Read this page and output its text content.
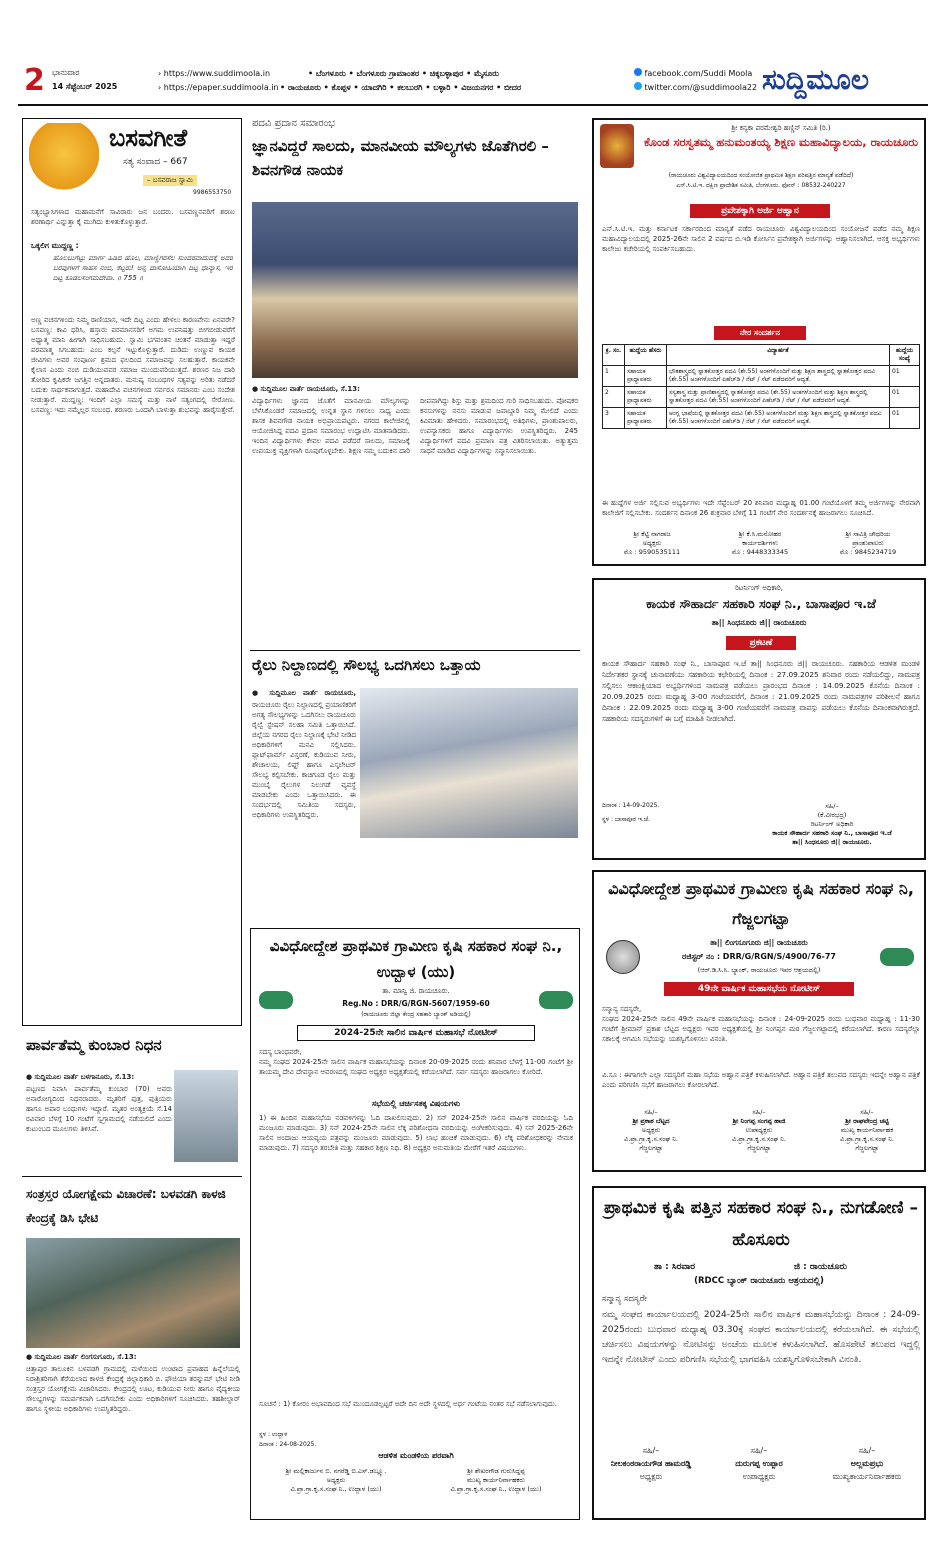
2 ಭಾನುವಾರ
14 ಸೆಪ್ಟೆಂಬರ್ 2025
› https://www.suddimoola.in
› https://epaper.suddimoola.in
• ಬೆಂಗಳೂರು • ಬೆಂಗಳೂರು ಗ್ರಾಮಾಂತರ • ಚಿಕ್ಕಬಳ್ಳಾಪುರ • ಮೈಸೂರು
• ರಾಯಚೂರು • ಕೊಪ್ಪಳ • ಯಾದಗಿರಿ • ಕಲಬುರಗಿ • ಬಳ್ಳಾರಿ • ವಿಜಯನಗರ • ಬೀದರ
facebook.com/Suddi Moola
twitter.com/@suddimoola22 ಸುದ್ದಿಮೂಲ
ಬಸವಗೀತೆ
ಸತ್ಯ ಸಂವಾದ – 667
– ಬಸವರಾಜ ಸ್ವಾಮಿ
9986553750
ಸತ್ಯಂಭ್ಯಾಸಿಗಳಾದ ಮಹಾಮನೆಗೆ ಸಾವಿರಾರು ಜನ ಬಂದರು. ಬಸವಣ್ಣನವರಿಗೆ ಶರಣು ಶರಣಾರ್ಥಿ ಎನ್ನುತ್ತಾ ಕೈ ಮುಗಿದು ಕುಳಿತುಕೊಳ್ಳುತ್ತಾರೆ.
ಒಕ್ಕಲಿಗ ಮುದ್ದಣ್ಣ :
ಹೊಲಬುಗೆಟ್ಟು ಮಾರ್ಗ ಹಿಡಿದ ಹೊಲ, ಮಾಣ್ಣಿಗರಸೆಲ ಸುಂದರವಾದುದಕ್ಕೆ ಅದರ ಬರವುಗಳಗೆ ಸಾಹಸ ನಂಬಿ, ಕೆಟ್ಟರು! ಅನ್ನ ದಾಸೋಹಿಯಾಗಿ ದಿಟ್ಟ ಧಾನ್ಯಾಸ, ಇರೆ ದಿಟ್ಟ ಕೂಡಲಸಂಗಮದೇವಾ. ॥ 755 ॥
ಅಣ್ಣ ವಚನಗಳಿಂದು ನಿಮ್ಮ ರಾಣಿಯಾಸ, ಇದೇ ದಿಟ್ಟ ಎಂದು ಹೇಳಲು ಕಾರಣವೇನು ಏನವರೇ? ಬಸವಣ್ಣ: ಕಾವಿ ಧರಿಸಿ, ಹಸ್ತಾರು ಪರಮಾನಸರಿಗೆ ಅಗಮ ಉಪನಿಷತ್ತು ಬೀಗಬೀಡುವರೆಗೆ ಅಧ್ಯಾತ್ಮ ಮಾನಿ ಹೀಗಾಗಿ ಸಾಧಿಸಬಹುದು. ಸ್ವಾಮಿ ಭಗವಂತನ ಚಿಂತನೆ ಮಾಡುತ್ತಾ ಇದ್ದರೆ ಪರಮಾತ್ಮ ಸಿಗಬಹುದು ಎಂಬ ಕಲ್ಪನೆ ಇಟ್ಟುಕೊಳ್ಳುತ್ತಾರೆ. ದುಡಿದು ಉಣ್ಣುವ ಕಾಯಕ ಜೀವಿಗಳು ಅವರ ಸಂಪೂರ್ಣ ಶ್ರಮದ ಫಲದಿಂದ ಸಮಾಜವನ್ನು ಸಲಹುತ್ತಾರೆ. ಕಾಯಕವೇ ಕೈಲಾಸ ಎಂದು ನಂಬಿ ದುಡಿಯುವವರ ಸಮಾಜ ಮುಂದುವರಿಯುತ್ತದೆ. ಶರಣರ ನಿಜ ದಾರಿ ತೋರಿದ ಕೃಷಿಕರೇ ಜಗತ್ತಿನ ಅನ್ನದಾತರು. ಮನುಷ್ಯ ಸಂಬಂಧಗಳ ಸತ್ಯವನ್ನು ಅರಿತು ನಡೆದರೆ ಬದುಕು ಸಾರ್ಥಕವಾಗುತ್ತದೆ. ಮಹಾದೇವಿ ವಚನಗಳಿಂದ ಸರ್ವರೂ ಸಮಾನರು ಎಂಬ ಸಂದೇಶ ನೀಡುತ್ತಾರೆ. ಮುದ್ದಣ್ಣ: ಇಂದಿಗೆ ಎಲ್ಲಾ ಸಮಸ್ಯೆ ಮತ್ತು ನಾಳೆ ಸತ್ಯಂಗದಲ್ಲಿ ಸೇರೋಣ. ಬಸವಣ್ಣ: ಇದು ನಮ್ಮೆಲ್ಲರ ಸಂಬಂಧ. ಶರಣರು ಒಂದಾಗಿ ಬಾಳುತ್ತಾ ಶುಭವನ್ನು ಹಾರೈಸುತ್ತೇವೆ.
ಪಾರ್ವತೆಮ್ಮ ಕುಂಬಾರ ನಿಧನ
● ಸುದ್ದಿಮೂಲ ವಾರ್ತೆ ಬಳಗಾನೂರು, ಸೆ.13:
ಪಟ್ಟಣದ ನಿವಾಸಿ ಪಾರ್ವತೆಮ್ಮ ಕುಂಬಾರ (70) ಅವರು ಅನಾರೋಗ್ಯದಿಂದ ನಿಧನರಾದರು. ಮೃತರಿಗೆ ಪುತ್ರ, ಪುತ್ರಿಯರು ಹಾಗೂ ಅಪಾರ ಬಂಧುಗಳು ಇದ್ದಾರೆ. ಮೃತರ ಅಂತ್ಯಕ್ರಿಯೆ ಸೆ.14 ರವಿವಾರ ಬೆಳಗ್ಗೆ 10 ಗಂಟೆಗೆ ಸ್ವಗ್ರಾಮದಲ್ಲಿ ನಡೆಯಲಿದೆ ಎಂದು ಕುಟುಂಬದ ಮೂಲಗಳು ತಿಳಿಸಿವೆ.
ಸಂತ್ರಸ್ತರ ಯೋಗಕ್ಷೇಮ ವಿಚಾರಣೆ: ಬಳವಡಗಿ ಕಾಳಜಿ ಕೇಂದ್ರಕ್ಕೆ ಡಿಸಿ ಭೇಟಿ
● ಸುದ್ದಿಮೂಲ ವಾರ್ತೆ ಲಿಂಗಸುಗೂರು, ಸೆ.13:
ಚಿತ್ತಾಪುರ ತಾಲೂಕಿನ ಬಳವಡಗಿ ಗ್ರಾಮದಲ್ಲಿ ಮಳೆಯಿಂದ ಉಂಟಾದ ಪ್ರವಾಹದ ಹಿನ್ನೆಲೆಯಲ್ಲಿ ನಿರಾಶ್ರಿತರಿಗಾಗಿ ತೆರೆಯಲಾದ ಕಾಳಜಿ ಕೇಂದ್ರಕ್ಕೆ ಜಿಲ್ಲಾಧಿಕಾರಿ ಬಿ. ಫೌಜಿಯಾ ತರನ್ನುಮ್ ಭೇಟಿ ನೀಡಿ ಸಂತ್ರಸ್ತರ ಯೋಗಕ್ಷೇಮ ವಿಚಾರಿಸಿದರು. ಕೇಂದ್ರದಲ್ಲಿ ಊಟ, ಕುಡಿಯುವ ನೀರು ಹಾಗೂ ವೈದ್ಯಕೀಯ ಸೌಲಭ್ಯಗಳನ್ನು ಸಮರ್ಪಕವಾಗಿ ಒದಗಿಸಬೇಕು ಎಂದು ಅಧಿಕಾರಿಗಳಿಗೆ ಸೂಚಿಸಿದರು. ತಹಶೀಲ್ದಾರ್ ಹಾಗೂ ಸ್ಥಳೀಯ ಅಧಿಕಾರಿಗಳು ಉಪಸ್ಥಿತರಿದ್ದರು.
ಪದವಿ ಪ್ರದಾನ ಸಮಾರಂಭ
ಜ್ಞಾನವಿದ್ದರೆ ಸಾಲದು, ಮಾನವೀಯ ಮೌಲ್ಯಗಳು ಜೊತೆಗಿರಲಿ – ಶಿವನಗೌಡ ನಾಯಕ
● ಸುದ್ದಿಮೂಲ ವಾರ್ತೆ ರಾಯಚೂರು, ಸೆ.13:
ವಿದ್ಯಾರ್ಥಿಗಳು ಜ್ಞಾನದ ಜೊತೆಗೆ ಮಾನವೀಯ ಮೌಲ್ಯಗಳನ್ನು ಬೆಳೆಸಿಕೊಂಡರೆ ಸಮಾಜದಲ್ಲಿ ಉನ್ನತ ಸ್ಥಾನ ಗಳಿಸಲು ಸಾಧ್ಯ ಎಂದು ಶಾಸಕ ಶಿವನಗೌಡ ನಾಯಕ ಅಭಿಪ್ರಾಯಪಟ್ಟರು. ನಗರದ ಕಾಲೇಜಿನಲ್ಲಿ ಆಯೋಜಿಸಿದ್ದ ಪದವಿ ಪ್ರದಾನ ಸಮಾರಂಭ ಉದ್ಘಾಟಿಸಿ ಮಾತನಾಡಿದರು. ಇಂದಿನ ವಿದ್ಯಾರ್ಥಿಗಳು ಕೇವಲ ಪದವಿ ಪಡೆದರೆ ಸಾಲದು, ಸಮಾಜಕ್ಕೆ ಉಪಯುಕ್ತ ವ್ಯಕ್ತಿಗಳಾಗಿ ರೂಪುಗೊಳ್ಳಬೇಕು. ಶಿಕ್ಷಣ ನಮ್ಮ ಬದುಕಿನ ದಾರಿ ದೀಪವಾಗಿದ್ದು ಶಿಸ್ತು ಮತ್ತು ಶ್ರಮದಿಂದ ಗುರಿ ಸಾಧಿಸಬಹುದು. ಪೋಷಕರ ಕನಸುಗಳನ್ನು ನನಸು ಮಾಡುವ ಜವಾಬ್ದಾರಿ ನಿಮ್ಮ ಮೇಲಿದೆ ಎಂದು ಕಿವಿಮಾತು ಹೇಳಿದರು. ಸಮಾರಂಭದಲ್ಲಿ ಅತಿಥಿಗಳು, ಪ್ರಾಂಶುಪಾಲರು, ಉಪನ್ಯಾಸಕರು ಹಾಗೂ ವಿದ್ಯಾರ್ಥಿಗಳು ಉಪಸ್ಥಿತರಿದ್ದರು. 245 ವಿದ್ಯಾರ್ಥಿಗಳಿಗೆ ಪದವಿ ಪ್ರಮಾಣ ಪತ್ರ ವಿತರಿಸಲಾಯಿತು. ಅತ್ಯುತ್ತಮ ಸಾಧನೆ ಮಾಡಿದ ವಿದ್ಯಾರ್ಥಿಗಳನ್ನು ಸನ್ಮಾನಿಸಲಾಯಿತು.
ರೈಲು ನಿಲ್ದಾಣದಲ್ಲಿ ಸೌಲಭ್ಯ ಒದಗಿಸಲು ಒತ್ತಾಯ
● ಸುದ್ದಿಮೂಲ ವಾರ್ತೆ ರಾಯಚೂರು,
ರಾಯಚೂರು ರೈಲು ನಿಲ್ದಾಣದಲ್ಲಿ ಪ್ರಯಾಣಿಕರಿಗೆ ಅಗತ್ಯ ಸೌಲಭ್ಯಗಳನ್ನು ಒದಗಿಸಲು ರಾಯಚೂರು ರೈಲ್ವೆ ಸ್ಟೇಷನ್ ಸಲಹಾ ಸಮಿತಿ ಒತ್ತಾಯಿಸಿದೆ. ಜಿಲ್ಲೆಯ ನಗರದ ರೈಲು ನಿಲ್ದಾಣಕ್ಕೆ ಭೇಟಿ ನೀಡಿದ ಅಧಿಕಾರಿಗಳಿಗೆ ಮನವಿ ಸಲ್ಲಿಸಿದರು. ಪ್ಲಾಟ್‌ಫಾರ್ಮ್ ವಿಸ್ತರಣೆ, ಕುಡಿಯುವ ನೀರು, ಶೌಚಾಲಯ, ಲಿಫ್ಟ್ ಹಾಗೂ ಎಸ್ಕಲೇಟರ್ ಸೌಲಭ್ಯ ಕಲ್ಪಿಸಬೇಕು. ಕಾಚಿಗೂಡ ರೈಲು ಮತ್ತು ಮುಂಬೈ ರೈಲುಗಳ ನಿಲುಗಡೆ ವ್ಯವಸ್ಥೆ ಮಾಡಬೇಕು ಎಂದು ಒತ್ತಾಯಿಸಿದರು. ಈ ಸಂದರ್ಭದಲ್ಲಿ ಸಮಿತಿಯ ಸದಸ್ಯರು, ಅಧಿಕಾರಿಗಳು ಉಪಸ್ಥಿತರಿದ್ದರು.
ವಿವಿಧೋದ್ದೇಶ ಪ್ರಾಥಮಿಕ ಗ್ರಾಮೀಣ ಕೃಷಿ ಸಹಕಾರ ಸಂಘ ನಿ., ಉದ್ಬಾಳ (ಯು)
ತಾ. ಮಾನ್ವಿ ಜಿ. ರಾಯಚೂರು.
Reg.No : DRR/G/RGN-5607/1959-60
(ರಾಯಚೂರು ಜಿಲ್ಲಾ ಕೇಂದ್ರ ಸಹಕಾರಿ ಬ್ಯಾಂಕ್ ಅಡಿಯಲ್ಲಿ)
2024-25ನೇ ಸಾಲಿನ ವಾರ್ಷಿಕ ಮಹಾಸಭೆ ನೋಟೀಸ್
ಸದಸ್ಯ ಬಾಂಧವರೇ,
ನಮ್ಮ ಸಂಘದ 2024-25ನೇ ಸಾಲಿನ ವಾರ್ಷಿಕ ಮಹಾಸಭೆಯನ್ನು ದಿನಾಂಕ 20-09-2025 ರಂದು ಶನಿವಾರ ಬೆಳಗ್ಗೆ 11-00 ಗಂಟೆಗೆ ಶ್ರೀ ತಾಯಮ್ಮ ದೇವಿ ದೇವಸ್ಥಾನ ಆವರಣದಲ್ಲಿ ಸಂಘದ ಅಧ್ಯಕ್ಷರ ಅಧ್ಯಕ್ಷತೆಯಲ್ಲಿ ಕರೆಯಲಾಗಿದೆ. ಸರ್ವ ಸದಸ್ಯರು ಹಾಜರಾಗಲು ಕೋರಿದೆ.
ಸಭೆಯಲ್ಲಿ ಚರ್ಚಿಸತಕ್ಕ ವಿಷಯಗಳು
1) ಈ ಹಿಂದಿನ ಮಹಾಸಭೆಯ ನಡವಳಿಗಳನ್ನು ಓದಿ ದಾಖಲಿಸುವುದು. 2) ಸನ್ 2024-25ನೇ ಸಾಲಿನ ವಾರ್ಷಿಕ ವರದಿಯನ್ನು ಓದಿ ಮಂಜೂರು ಮಾಡುವುದು. 3) ಸನ್ 2024-25ನೇ ಸಾಲಿನ ಲೆಕ್ಕ ಪರಿಶೋಧನಾ ವರದಿಯನ್ನು ಅಂಗೀಕರಿಸುವುದು. 4) ಸನ್ 2025-26ನೇ ಸಾಲಿನ ಅಂದಾಜು ಆಯವ್ಯಯ ಪತ್ರವನ್ನು ಮಂಜೂರು ಮಾಡುವುದು. 5) ಲಾಭ ಹಂಚಿಕೆ ಮಾಡುವುದು. 6) ಲೆಕ್ಕ ಪರಿಶೋಧಕರನ್ನು ನೇಮಕ ಮಾಡುವುದು. 7) ಸದಸ್ಯರ ತರಬೇತಿ ಮತ್ತು ಸಹಕಾರ ಶಿಕ್ಷಣ ನಿಧಿ. 8) ಅಧ್ಯಕ್ಷರ ಅನುಮತಿಯ ಮೇರೆಗೆ ಇತರೆ ವಿಷಯಗಳು.
ಸೂಚನೆ : 1) ಕೋರಂ ಅಭಾವದಿಂದ ಸಭೆ ಮುಂದೂಡಲ್ಪಟ್ಟರೆ ಅದೇ ದಿನ ಅದೇ ಸ್ಥಳದಲ್ಲಿ ಅರ್ಧ ಗಂಟೆಯ ನಂತರ ಸಭೆ ನಡೆಸಲಾಗುವುದು.
ಸ್ಥಳ : ಉದ್ಬಾಳ
ದಿನಾಂಕ : 24-08-2025.
ಆಡಳಿತ ಮಂಡಳಿಯ ಪರವಾಗಿ
ಶ್ರೀ ಮಲ್ಲಿಕಾರ್ಜುನ ಬಿ. ನಗರೆಡ್ಡಿ ಬಿ.ಎಸ್.ಡಬ್ಲ್ಯೂ.
ಅಧ್ಯಕ್ಷರು
ವಿ.ಪ್ರಾ.ಗ್ರಾ.ಕೃ.ಸ.ಸಂಘ ನಿ., ಉದ್ಬಾಳ (ಯು)
ಶ್ರೀ ಶೇಖರಗೌಡ ಗುರುಸಿದ್ದಪ್ಪ
ಮುಖ್ಯ ಕಾರ್ಯನಿರ್ವಾಹಕರು
ವಿ.ಪ್ರಾ.ಗ್ರಾ.ಕೃ.ಸ.ಸಂಘ ನಿ., ಉದ್ಬಾಳ (ಯು)
ಶ್ರೀ ಕನ್ಯಕಾ ಪರಮೇಶ್ವರಿ ಹಣ್ಣಿನ್ ಸಮಿತಿ (ರಿ.)
ಕೊಂಡ ಸರಸ್ವತಮ್ಮ ಹನುಮಂತಯ್ಯ ಶಿಕ್ಷಣ ಮಹಾವಿದ್ಯಾಲಯ, ರಾಯಚೂರು
(ರಾಯಚೂರು ವಿಶ್ವವಿದ್ಯಾಲಯದಿಂದ ಸಂಯೋಜಿತ ಪ್ರಾಥಮಿಕ ಶಿಕ್ಷಣ ಪರಿಷತ್ತಿನ ಮಾನ್ಯತೆ ಪಡೆದಿದೆ)
ಎನ್.ಸಿ.ಟಿ.ಇ. ದಕ್ಷಿಣ ಪ್ರಾದೇಶಿಕ ಸಮಿತಿ, ಬೆಂಗಳೂರು. ಫೋನ್ : 08532-240227
ಪ್ರವೇಶಕ್ಕಾಗಿ ಅರ್ಜಿ ಆಹ್ವಾನ
ಎನ್.ಸಿ.ಟಿ.ಇ. ಮತ್ತು ಕರ್ನಾಟಕ ಸರ್ಕಾರದಿಂದ ಮಾನ್ಯತೆ ಪಡೆದ ರಾಯಚೂರು ವಿಶ್ವವಿದ್ಯಾಲಯದಿಂದ ಸಂಯೋಜನೆ ಪಡೆದ ನಮ್ಮ ಶಿಕ್ಷಣ ಮಹಾವಿದ್ಯಾಲಯದಲ್ಲಿ 2025-26ನೇ ಸಾಲಿನ 2 ವರ್ಷದ ಬಿ.ಇಡಿ ಕೋರ್ಸಿನ ಪ್ರವೇಶಕ್ಕಾಗಿ ಅರ್ಜಿಗಳನ್ನು ಆಹ್ವಾನಿಸಲಾಗಿದೆ. ಆಸಕ್ತ ಅಭ್ಯರ್ಥಿಗಳು ಕಾಲೇಜು ಕಚೇರಿಯಲ್ಲಿ ಸಂಪರ್ಕಿಸಬಹುದು.
ನೇರ ಸಂದರ್ಶನ
ಕ್ರ. ಸಂ.	ಹುದ್ದೆಯ ಹೆಸರು	ವಿದ್ಯಾರ್ಹತೆ	ಹುದ್ದೆಯ ಸಂಖ್ಯೆ
1	ಸಹಾಯಕ ಪ್ರಾಧ್ಯಾಪಕರು	ಭೌತಶಾಸ್ತ್ರದಲ್ಲಿ ಸ್ನಾತಕೋತ್ತರ ಪದವಿ (ಶೇ.55) ಅಂಕಗಳೊಂದಿಗೆ ಮತ್ತು ಶಿಕ್ಷಣ ಶಾಸ್ತ್ರದಲ್ಲಿ ಸ್ನಾತಕೋತ್ತರ ಪದವಿ (ಶೇ.55) ಅಂಕಗಳೊಂದಿಗೆ ಪಿಹೆಚ್‌ಡಿ / ನೆಟ್ / ಸೆಟ್ ಪಡೆದವರಿಗೆ ಆದ್ಯತೆ.	01
2	ಸಹಾಯಕ ಪ್ರಾಧ್ಯಾಪಕರು	ಸಸ್ಯಶಾಸ್ತ್ರ ಮತ್ತು ಪ್ರಾಣಿಶಾಸ್ತ್ರದಲ್ಲಿ ಸ್ನಾತಕೋತ್ತರ ಪದವಿ (ಶೇ.55) ಅಂಕಗಳೊಂದಿಗೆ ಮತ್ತು ಶಿಕ್ಷಣ ಶಾಸ್ತ್ರದಲ್ಲಿ ಸ್ನಾತಕೋತ್ತರ ಪದವಿ (ಶೇ.55) ಅಂಕಗಳೊಂದಿಗೆ ಪಿಹೆಚ್‌ಡಿ / ನೆಟ್ / ಸೆಟ್ ಪಡೆದವರಿಗೆ ಆದ್ಯತೆ.	01
3	ಸಹಾಯಕ ಪ್ರಾಧ್ಯಾಪಕರು	ಆಂಗ್ಲ ಭಾಷೆಯಲ್ಲಿ ಸ್ನಾತಕೋತ್ತರ ಪದವಿ (ಶೇ.55) ಅಂಕಗಳೊಂದಿಗೆ ಮತ್ತು ಶಿಕ್ಷಣ ಶಾಸ್ತ್ರದಲ್ಲಿ ಸ್ನಾತಕೋತ್ತರ ಪದವಿ (ಶೇ.55) ಅಂಕಗಳೊಂದಿಗೆ ಪಿಹೆಚ್‌ಡಿ / ನೆಟ್ / ಸೆಟ್ ಪಡೆದವರಿಗೆ ಆದ್ಯತೆ.	01
ಈ ಹುದ್ದೆಗಳ ಅರ್ಜಿ ಸಲ್ಲಿಸುವ ಅಭ್ಯರ್ಥಿಗಳು ಇದೇ ಸೆಪ್ಟೆಂಬರ್ 20 ಶನಿವಾರ ಮಧ್ಯಾಹ್ನ 01.00 ಗಂಟೆಯೊಳಗೆ ತಮ್ಮ ಅರ್ಜಿಗಳನ್ನು ನೇರವಾಗಿ ಕಾಲೇಜಿಗೆ ಸಲ್ಲಿಸಬೇಕು. ಸಂದರ್ಶನ ದಿನಾಂಕ 26 ಶುಕ್ರವಾರ ಬೆಳಿಗ್ಗೆ 11 ಗಂಟೆಗೆ ನೇರ ಸಂದರ್ಶನಕ್ಕೆ ಹಾಜರಾಗಲು ಸೂಚಿಸಿದೆ.
ಶ್ರೀ ಕೆಟ್ಟಿ ನಾಗರಾಜ
ಅಧ್ಯಕ್ಷರು
ಮೊ : 9590535111
ಶ್ರೀ ಕೆ.ಸಿ.ಮನೋಹರ
ಕಾರ್ಯದರ್ಶಿಗಳು
ಮೊ : 9448333345
ಶ್ರೀ ಸಾವಿತ್ರಿ ಚೌಧರಿಯ
ಪ್ರಾಂಶುಪಾಲರು
ಮೊ : 9845234719
ರಿಟರ್ನಿಂಗ್ ಅಧಿಕಾರಿ,
ಕಾಯಕ ಸೌಹಾರ್ದ ಸಹಕಾರಿ ಸಂಘ ನಿ., ಬಾಸಾಪೂರ ಇ.ಜೆ
ತಾ|| ಸಿಂಧನೂರು ಜಿ|| ರಾಯಚೂರು
ಪ್ರಕಟಣೆ
ಕಾಯಕ ಸೌಹಾರ್ದ ಸಹಕಾರಿ ಸಂಘ ನಿ., ಬಾಸಾಪೂರ ಇ.ಜೆ ತಾ|| ಸಿಂಧನೂರು ಜಿ|| ರಾಯಚೂರು. ಸಹಕಾರಿಯ ಆಡಳಿತ ಮಂಡಳಿ ನಿರ್ದೇಶಕರ ಸ್ಥಾನಕ್ಕೆ ಚುನಾವಣೆಯು ಸಹಕಾರಿಯ ಕಛೇರಿಯಲ್ಲಿ ದಿನಾಂಕ : 27.09.2025 ಶನಿವಾರ ರಂದು ನಡೆಯಲಿದ್ದು, ನಾಮಪತ್ರ ಸಲ್ಲಿಸಲು ಆಕಾಂಕ್ಷಿಯಾದ ಅಭ್ಯರ್ಥಿಗಳಿಂದ ನಾಮಪತ್ರ ಪಡೆಯಲು ಪ್ರಾರಂಭದ ದಿನಾಂಕ : 14.09.2025 ಕೊನೆಯ ದಿನಾಂಕ : 20.09.2025 ರಂದು ಮಧ್ಯಾಹ್ನ 3-00 ಗಂಟೆಯವರೆಗೆ, ದಿನಾಂಕ : 21.09.2025 ರಂದು ನಾಮಪತ್ರಗಳ ಪರಿಶೀಲನೆ ಹಾಗೂ ದಿನಾಂಕ : 22.09.2025 ರಂದು ಮಧ್ಯಾಹ್ನ 3-00 ಗಂಟೆಯವರೆಗೆ ನಾಮಪತ್ರ ವಾಪಸ್ಸು ಪಡೆಯಲು ಕೊನೆಯ ದಿನಾಂಕವಾಗಿರುತ್ತದೆ. ಸಹಕಾರಿಯ ಸದಸ್ಯರುಗಳಿಗೆ ಈ ಬಗ್ಗೆ ಮಾಹಿತಿ ನೀಡಲಾಗಿದೆ.
ದಿನಾಂಕ : 14-09-2025.
ಸ್ಥಳ : ಬಾಸಾಪೂರ ಇ.ಜೆ.
ಸಹಿ/–
(ಕೆ.ವೀರಭದ್ರ)
ರಿಟರ್ನಿಂಗ್ ಅಧಿಕಾರಿ
ಕಾಯಕ ಸೌಹಾರ್ದ ಸಹಕಾರಿ ಸಂಘ ನಿ., ಬಾಸಾಪೂರ ಇ.ಜೆ
ತಾ|| ಸಿಂಧನೂರು ಜಿ|| ರಾಯಚೂರು.
ವಿವಿಧೋದ್ದೇಶ ಪ್ರಾಥಮಿಕ ಗ್ರಾಮೀಣ ಕೃಷಿ ಸಹಕಾರ ಸಂಘ ನಿ, ಗೆಜ್ಜಲಗಟ್ಟಾ
ತಾ|| ಲಿಂಗಸೂಗೂರು ಜಿ|| ರಾಯಚೂರು
ರಜಿಸ್ಟರ್ ನಂ : DRR/G/RGN/S/4900/76-77
(ಆರ್.ಡಿ.ಸಿ.ಸಿ. ಬ್ಯಾಂಕ್, ರಾಯಚೂರು ಇವರ ಆಶ್ರಯದಲ್ಲಿ)
49ನೇ ವಾರ್ಷಿಕ ಮಹಾಸಭೆಯ ನೋಟೀಸ್
ಸನ್ಮಾನ್ಯ ಸದಸ್ಯರೇ,
ಸಂಘದ 2024-25ನೇ ಸಾಲಿನ 49ನೇ ವಾರ್ಷಿಕ ಮಹಾಸಭೆಯನ್ನು ದಿನಾಂಕ : 24-09-2025 ರಂದು ಬುಧವಾರ ಮಧ್ಯಾಹ್ನ : 11-30 ಗಂಟೆಗೆ ಶ್ರೀಮಾನ್ ಪ್ರಕಾಶ ಬೆಟ್ಟದ ಅಧ್ಯಕ್ಷರು ಇವರ ಅಧ್ಯಕ್ಷತೆಯಲ್ಲಿ ಶ್ರೀ ನಿಂಗಪ್ಪನ ಮಠ ಗೆಜ್ಜಲಗಟ್ಟಾದಲ್ಲಿ ಕರೆಯಲಾಗಿದೆ. ಕಾರಣ ಸದಸ್ಯರೆಲ್ಲಾ ಸಕಾಲಕ್ಕೆ ಆಗಮಿಸಿ ಸಭೆಯನ್ನು ಯಶಸ್ವಿಗೊಳಿಸಲು ವಿನಂತಿ.
ವಿ.ಸೂ : ಈಗಾಗಲೇ ಎಲ್ಲಾ ಸದಸ್ಯರಿಗೆ ಮಹಾ ಸಭೆಯ ಅಹ್ವಾನ ಪತ್ರಿಕೆ ಕಳುಹಿಸಲಾಗಿದೆ. ಅಹ್ವಾನ ಪತ್ರಿಕೆ ತಲುಪದ ಸದಸ್ಯರು ಇದನ್ನೇ ಅಹ್ವಾನ ಪತ್ರಿಕೆ ಎಂದು ಪರಿಗಣಿಸಿ ಸಭೆಗೆ ಹಾಜರಾಗಲು ಕೋರಲಾಗಿದೆ.
ಸಹಿ/–
ಶ್ರೀ ಪ್ರಕಾಶ ಬೆಟ್ಟದ
ಅಧ್ಯಕ್ಷರು
ವಿ.ಪ್ರಾ.ಗ್ರಾ.ಕೃ.ಸ.ಸಂಘ ನಿ.
ಗೆಜ್ಜಲಗಟ್ಟಾ
ಸಹಿ/–
ಶ್ರೀ ನಿಂಗಪ್ಪ ಸಂಗಪ್ಪ ಹಾಜಿ
ಉಪಾಧ್ಯಕ್ಷರು
ವಿ.ಪ್ರಾ.ಗ್ರಾ.ಕೃ.ಸ.ಸಂಘ ನಿ.
ಗೆಜ್ಜಲಗಟ್ಟಾ
ಸಹಿ/–
ಶ್ರೀ ರಾಘವೇಂದ್ರ ಚಟ್ಟಿ
ಮುಖ್ಯ ಕಾರ್ಯನಿರ್ವಾಹಕ
ವಿ.ಪ್ರಾ.ಗ್ರಾ.ಕೃ.ಸ.ಸಂಘ ನಿ.
ಗೆಜ್ಜಲಗಟ್ಟಾ
ಪ್ರಾಥಮಿಕ ಕೃಷಿ ಪತ್ತಿನ ಸಹಕಾರ ಸಂಘ ನಿ., ನುಗಡೋಣಿ – ಹೊಸೂರು
ತಾ : ಸಿರವಾರ	ಜಿ : ರಾಯಚೂರು
(RDCC ಬ್ಯಾಂಕ್ ರಾಯಚೂರು ಆಶ್ರಯದಲ್ಲಿ)
ಸನ್ಮಾನ್ಯ ಸದಸ್ಯರೇ
ನಮ್ಮ ಸಂಘದ ಕಾರ್ಯಾಲಯದಲ್ಲಿ 2024-25ನೇ ಸಾಲಿನ ವಾರ್ಷಿಕ ಮಹಾಸಭೆಯನ್ನು ದಿನಾಂಕ : 24-09-2025ರಂದು ಬುಧವಾರ ಮಧ್ಯಾಹ್ನ 03.30ಕ್ಕೆ ಸಂಘದ ಕಾರ್ಯಾಲಯದಲ್ಲಿ ಕರೆಯಲಾಗಿದೆ. ಈ ಸಭೆಯಲ್ಲಿ ಚರ್ಚಿಸಲು ವಿಷಯಗಳನ್ನು ನೋಟಿಸನ್ನು ಅಂಚೆಯ ಮೂಲಕ ಕಳುಹಿಸಲಾಗಿದೆ. ಹೊಸಪೇಟೆ ತಲುಪದ ಇದ್ದಲ್ಲಿ ಇದನ್ನೇ ನೋಟೀಸ್ ಎಂದು ಪರಿಗಣಿಸಿ ಸಭೆಯಲ್ಲಿ ಭಾಗವಹಿಸಿ ಯಶಸ್ವಿಗೊಳಿಸಬೇಕಾಗಿ ವಿನಂತಿ.
ಸಹಿ/–
ನೀಲಕಂಠರಾಯಗೌಡ ಹಾಮರಡ್ಡಿ
ಅಧ್ಯಕ್ಷರು
ಸಹಿ/–
ದುರುಗಪ್ಪ ಉಪ್ಪಾರ
ಉಪಾಧ್ಯಕ್ಷರು
ಸಹಿ/–
ಅಲ್ಲಮಪ್ರಭು
ಮುಖ್ಯಕಾರ್ಯನಿರ್ವಾಹಕರು
